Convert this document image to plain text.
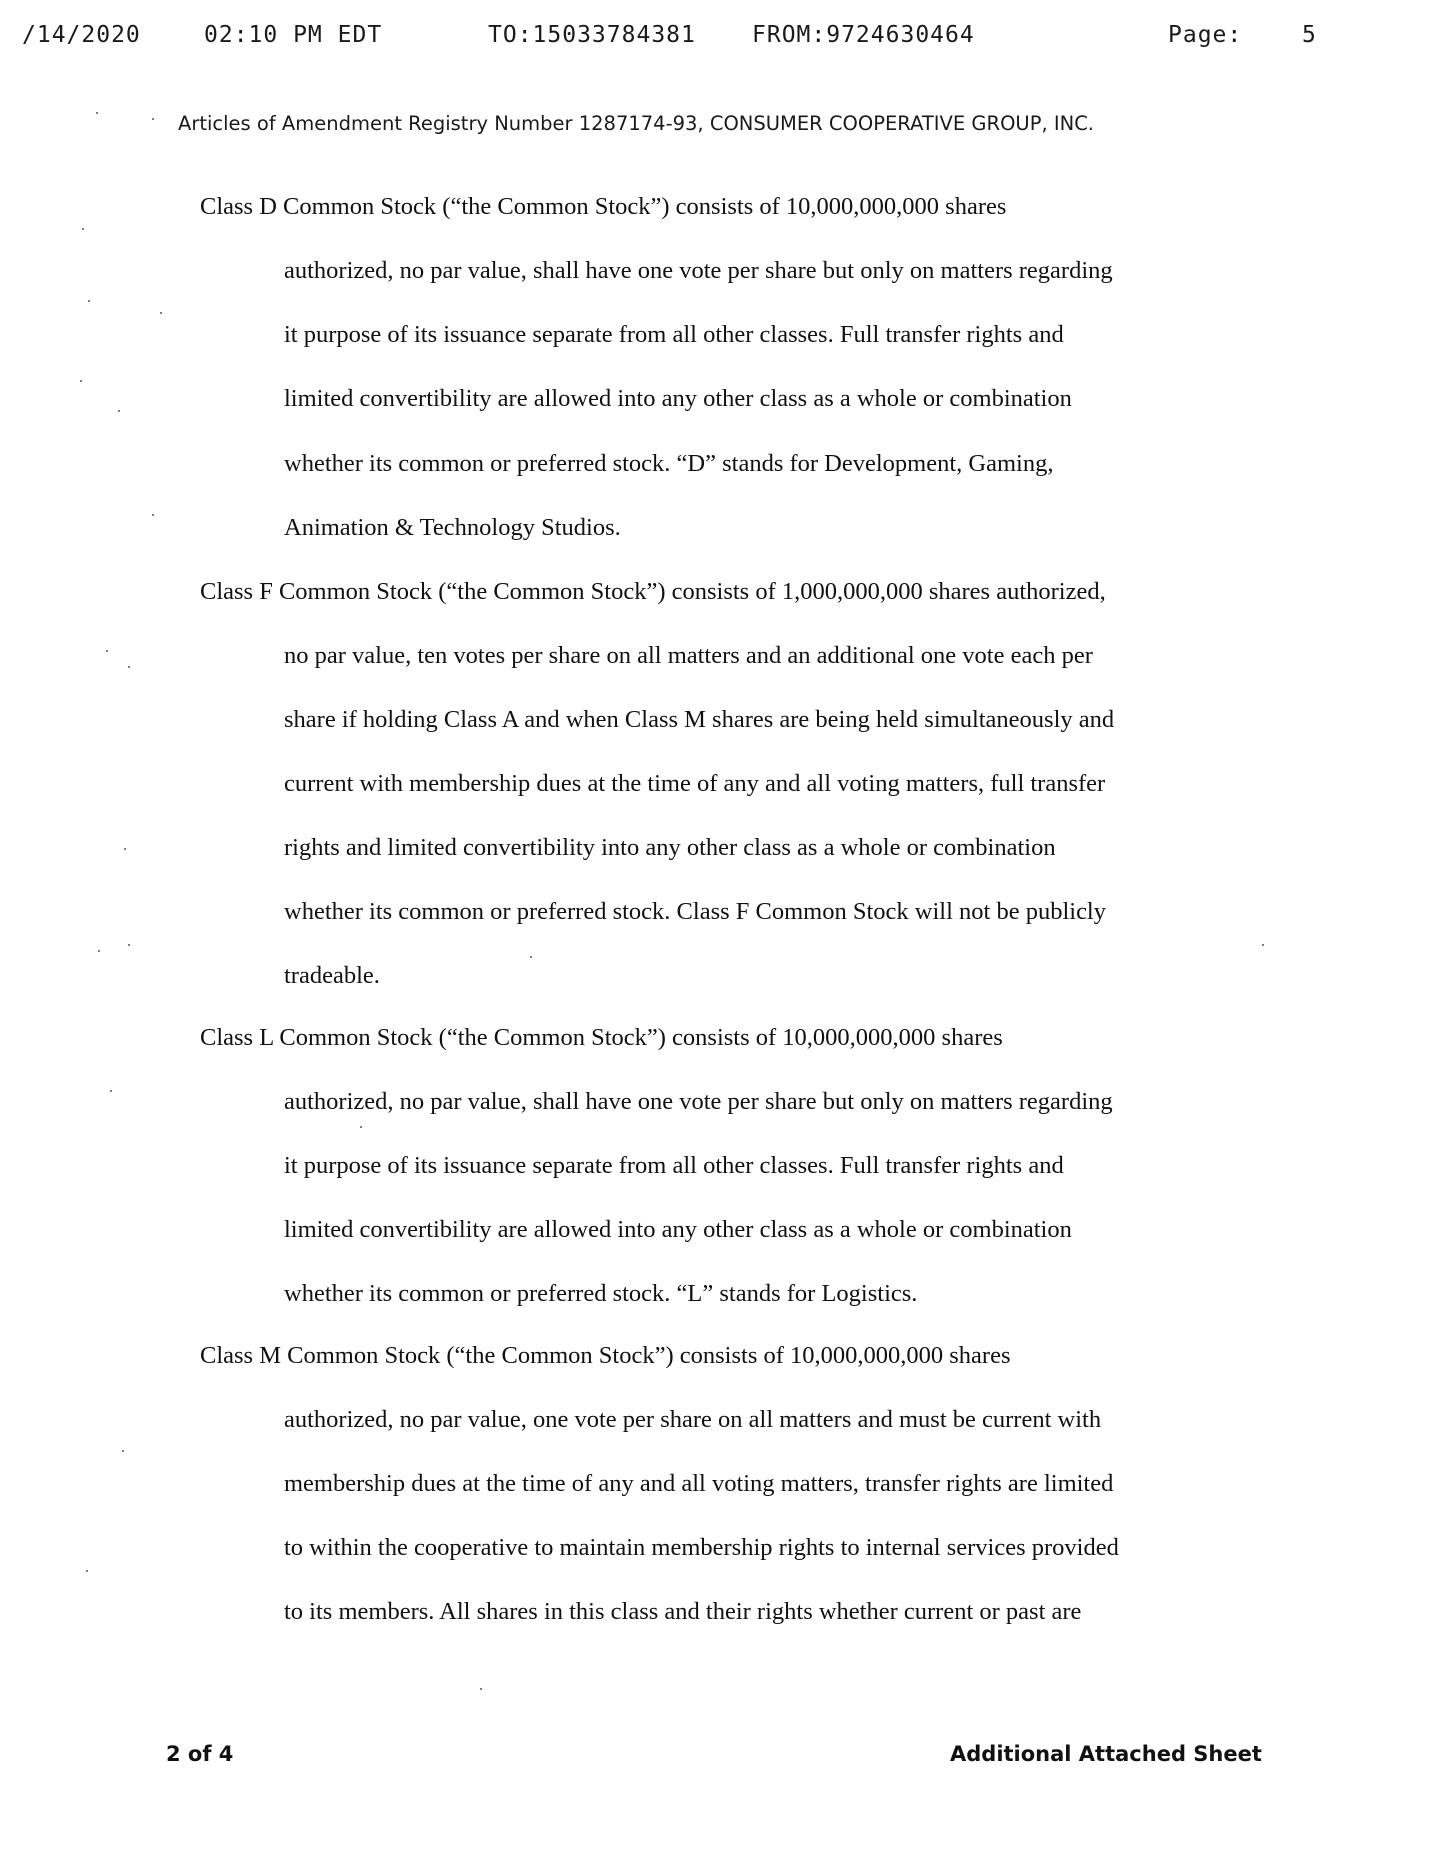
/14/2020	02:10 PM EDT	TO:15033784381 FROM:9724630464	Page:	5
Articles of Amendment Registry Number 1287174-93, CONSUMER COOPERATIVE GROUP, INC.
Class D Common Stock (“the Common Stock”) consists of 10,000,000,000 shares
authorized, no par value, shall have one vote per share but only on matters regarding
it purpose of its issuance separate from all other classes. Full transfer rights and
limited convertibility are allowed into any other class as a whole or combination
whether its common or preferred stock. “D” stands for Development, Gaming,
Animation & Technology Studios.
Class F Common Stock (“the Common Stock”) consists of 1,000,000,000 shares authorized,
no par value, ten votes per share on all matters and an additional one vote each per
share if holding Class A and when Class M shares are being held simultaneously and
current with membership dues at the time of any and all voting matters, full transfer
rights and limited convertibility into any other class as a whole or combination
whether its common or preferred stock. Class F Common Stock will not be publicly
tradeable.
Class L Common Stock (“the Common Stock”) consists of 10,000,000,000 shares
authorized, no par value, shall have one vote per share but only on matters regarding
it purpose of its issuance separate from all other classes. Full transfer rights and
limited convertibility are allowed into any other class as a whole or combination
whether its common or preferred stock. “L” stands for Logistics.
Class M Common Stock (“the Common Stock”) consists of 10,000,000,000 shares
authorized, no par value, one vote per share on all matters and must be current with
membership dues at the time of any and all voting matters, transfer rights are limited
to within the cooperative to maintain membership rights to internal services provided
to its members. All shares in this class and their rights whether current or past are
2 of 4	Additional Attached Sheet
